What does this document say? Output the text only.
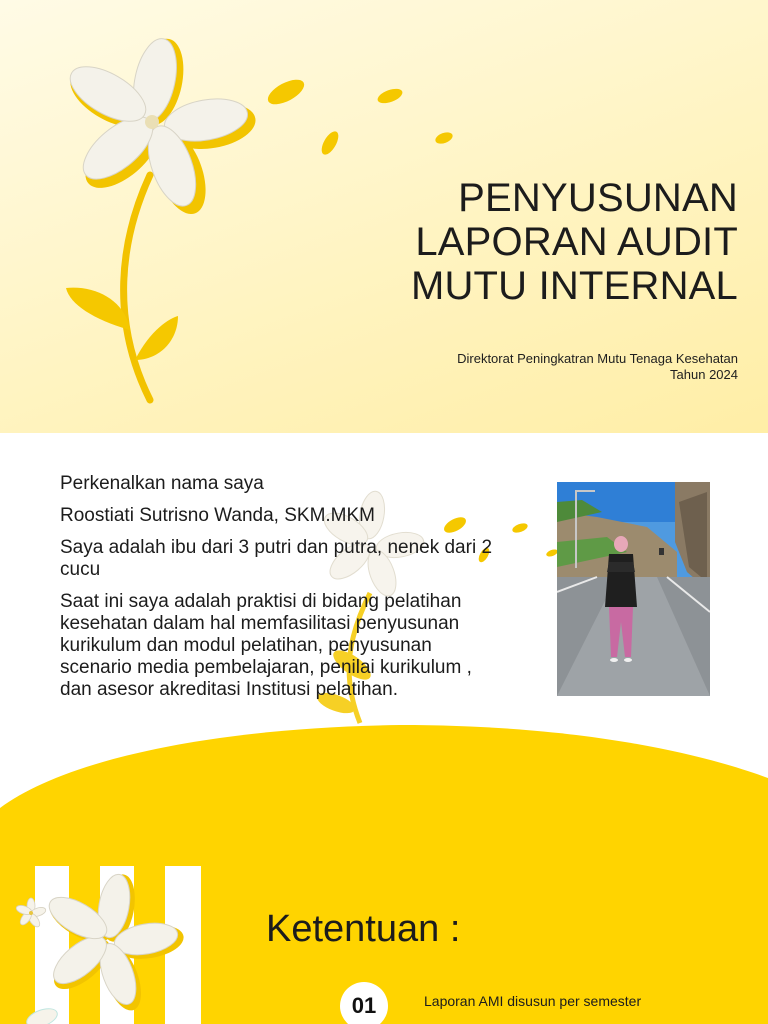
PENYUSUNAN
LAPORAN AUDIT
MUTU INTERNAL
Direktorat Peningkatran Mutu Tenaga Kesehatan
Tahun 2024

Perkenalkan nama saya

Roostiati Sutrisno Wanda, SKM.MKM

Saya adalah ibu dari 3 putri dan putra, nenek dari 2 cucu

Saat ini saya adalah praktisi di bidang pelatihan kesehatan dalam hal memfasilitasi penyusunan kurikulum dan modul pelatihan, penyusunan scenario media pembelajaran, penilai kurikulum , dan asesor akreditasi Institusi pelatihan.

Ketentuan :
01	Laporan AMI disusun per semester
